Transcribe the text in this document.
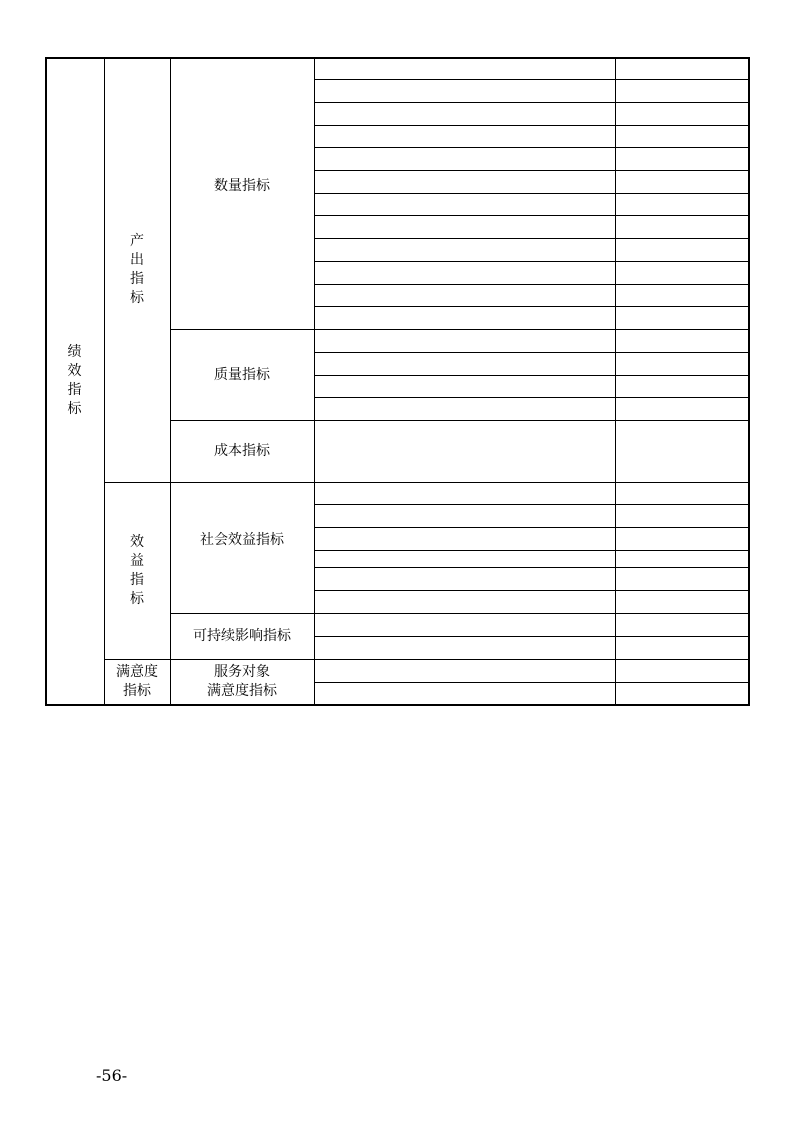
绩
效
指
标
产
出
指
标
效
益
指
标
满意度
指标
数量指标
质量指标
成本指标
社会效益指标
可持续影响指标
服务对象
满意度指标
-56-
